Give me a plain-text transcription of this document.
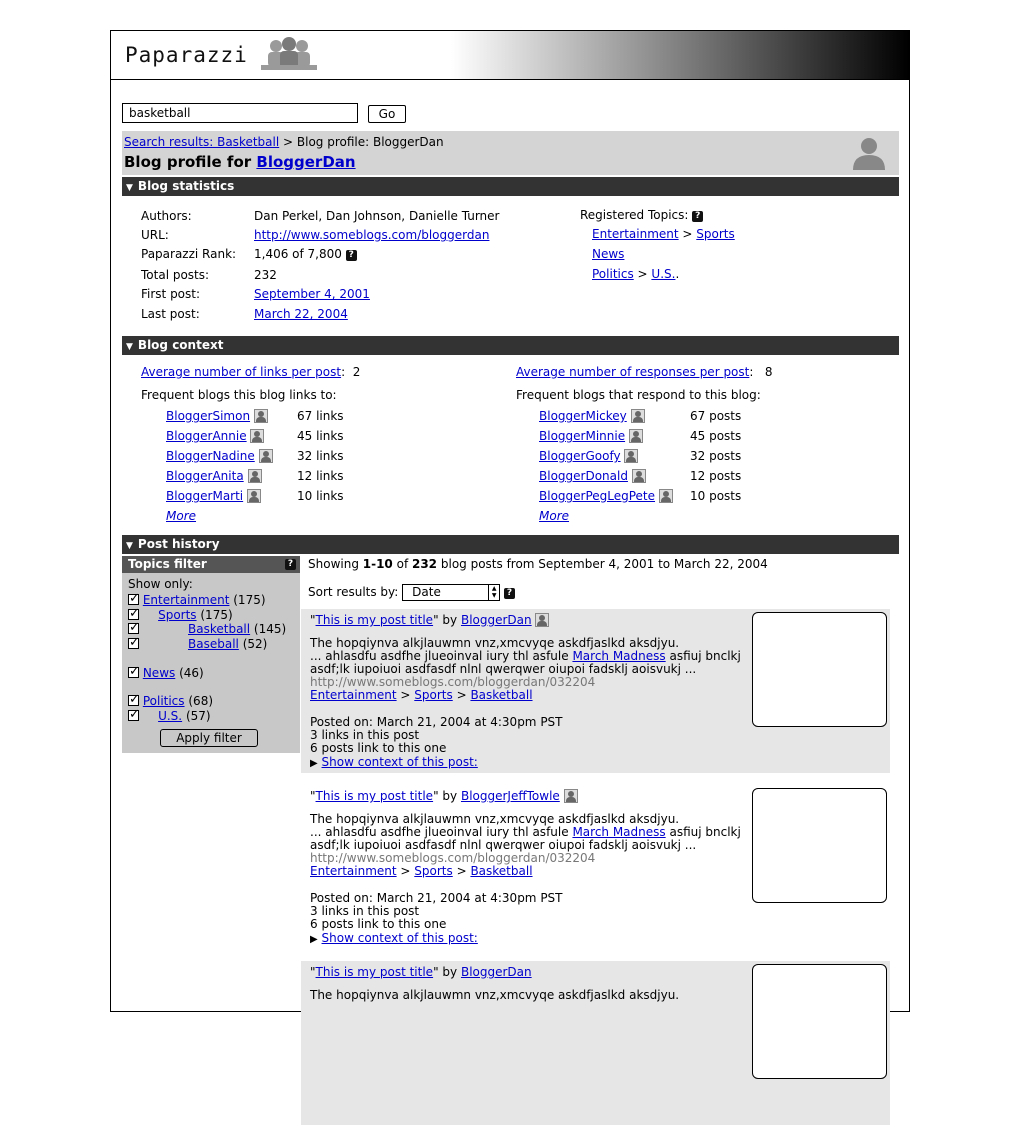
Paparazzi
basketball
Go
Search results: Basketball > Blog profile: BloggerDan
Blog profile for BloggerDan
▼ Blog statistics
Authors:	Dan Perkel, Dan Johnson, Danielle Turner
URL:	http://www.someblogs.com/bloggerdan
Paparazzi Rank: 1,406 of 7,800 ?
Total posts:	232
First post:	September 4, 2001
Last post:	March 22, 2004
Registered Topics: ?
Entertainment > Sports
News
Politics > U.S..
▼ Blog context
Average number of links per post:  2	Average number of responses per post:   8
Frequent blogs this blog links to:	Frequent blogs that respond to this blog:
BloggerSimon	67 links
BloggerAnnie	45 links
BloggerNadine	32 links
BloggerAnita	12 links
BloggerMarti	10 links
More
BloggerMickey	67 posts
BloggerMinnie	45 posts
BloggerGoofy	32 posts
BloggerDonald	12 posts
BloggerPegLegPete	10 posts
More
▼ Post history
Topics filter	?
Show only:
✓ Entertainment (175)
✓     Sports (175)
✓Basketball (145)
✓Baseball (52)
✓ News (46)
✓ Politics (68)
✓     U.S. (57)
Apply filter
Showing 1-10 of 232 blog posts from September 4, 2001 to March 22, 2004
Sort results by: Date	▲
▼ ?
"This is my post title" by BloggerDan
The hopqiynva alkjlauwmn vnz,xmcvyqe askdfjaslkd aksdjyu.
... ahlasdfu asdfhe jlueoinval iury thl asfule March Madness asfiuj bnclkj
asdf;lk iupoiuoi asdfasdf nlnl qwerqwer oiupoi fadsklj aoisvukj ...
http://www.someblogs.com/bloggerdan/032204
Entertainment > Sports > Basketball
Posted on: March 21, 2004 at 4:30pm PST
3 links in this post
6 posts link to this one
▶ Show context of this post:
"This is my post title" by BloggerJeffTowle
The hopqiynva alkjlauwmn vnz,xmcvyqe askdfjaslkd aksdjyu.
... ahlasdfu asdfhe jlueoinval iury thl asfule March Madness asfiuj bnclkj
asdf;lk iupoiuoi asdfasdf nlnl qwerqwer oiupoi fadsklj aoisvukj ...
http://www.someblogs.com/bloggerdan/032204
Entertainment > Sports > Basketball
Posted on: March 21, 2004 at 4:30pm PST
3 links in this post
6 posts link to this one
▶ Show context of this post:
"This is my post title" by BloggerDan
The hopqiynva alkjlauwmn vnz,xmcvyqe askdfjaslkd aksdjyu.
